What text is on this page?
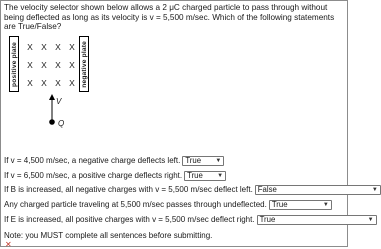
The velocity selector shown below allows a 2 μC charged particle to pass through without being deflected as long as its velocity is v = 5,500 m/sec. Which of the following statements are True/False?
positive plate	X X X X
X X X X
X X X X negative plate
V
Q
If v = 4,500 m/sec, a negative charge deflects left. True ▼
If v = 6,500 m/sec, a positive charge deflects right. True ▼
If B is increased, all negative charges with v = 5,500 m/sec deflect left. False	▼
Any charged particle traveling at 5,500 m/sec passes through undeflected. True	▼
If E is increased, all positive charges with v = 5,500 m/sec deflect right. True	▼
Note: you MUST complete all sentences before submitting.
✕
